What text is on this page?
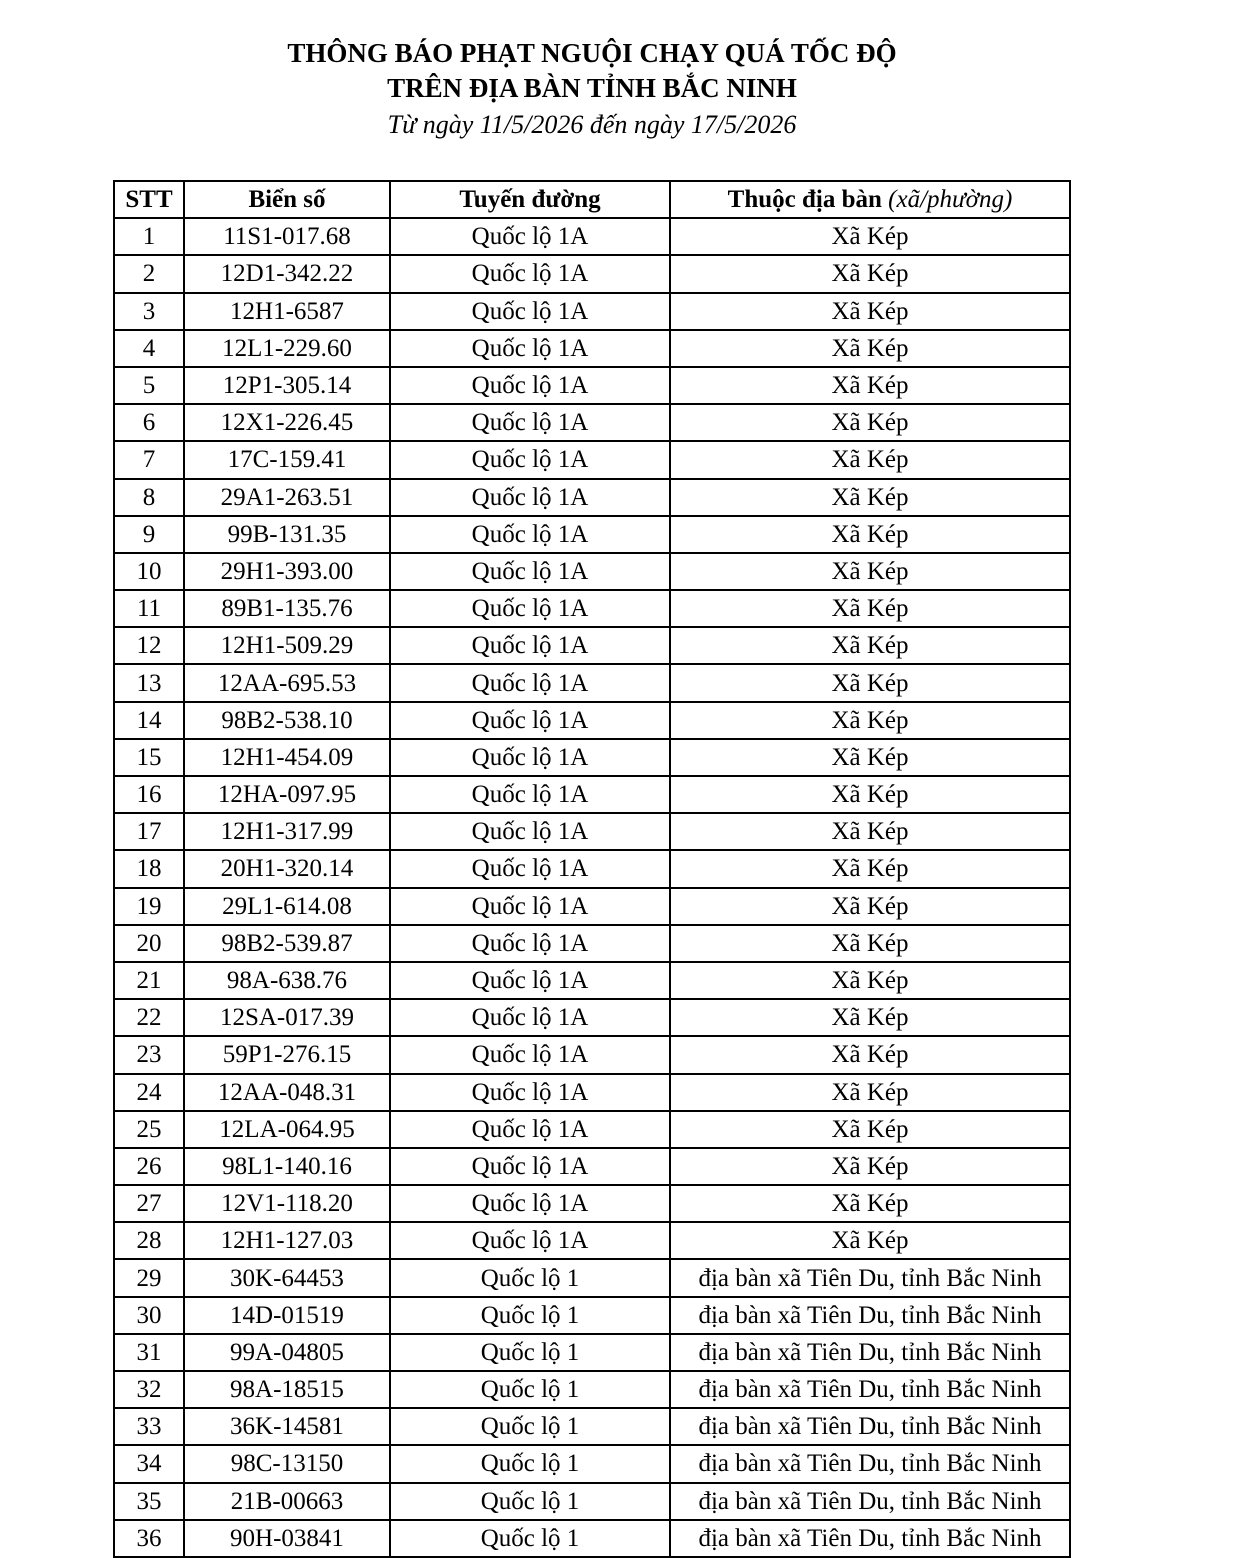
THÔNG BÁO PHẠT NGUỘI CHẠY QUÁ TỐC ĐỘ
TRÊN ĐỊA BÀN TỈNH BẮC NINH
Từ ngày 11/5/2026 đến ngày 17/5/2026
STT	Biển số	Tuyến đường	Thuộc địa bàn (xã/phường)
1	11S1-017.68	Quốc lộ 1A	Xã Kép
2	12D1-342.22	Quốc lộ 1A	Xã Kép
3	12H1-6587	Quốc lộ 1A	Xã Kép
4	12L1-229.60	Quốc lộ 1A	Xã Kép
5	12P1-305.14	Quốc lộ 1A	Xã Kép
6	12X1-226.45	Quốc lộ 1A	Xã Kép
7	17C-159.41	Quốc lộ 1A	Xã Kép
8	29A1-263.51	Quốc lộ 1A	Xã Kép
9	99B-131.35	Quốc lộ 1A	Xã Kép
10	29H1-393.00	Quốc lộ 1A	Xã Kép
11	89B1-135.76	Quốc lộ 1A	Xã Kép
12	12H1-509.29	Quốc lộ 1A	Xã Kép
13	12AA-695.53	Quốc lộ 1A	Xã Kép
14	98B2-538.10	Quốc lộ 1A	Xã Kép
15	12H1-454.09	Quốc lộ 1A	Xã Kép
16	12HA-097.95	Quốc lộ 1A	Xã Kép
17	12H1-317.99	Quốc lộ 1A	Xã Kép
18	20H1-320.14	Quốc lộ 1A	Xã Kép
19	29L1-614.08	Quốc lộ 1A	Xã Kép
20	98B2-539.87	Quốc lộ 1A	Xã Kép
21	98A-638.76	Quốc lộ 1A	Xã Kép
22	12SA-017.39	Quốc lộ 1A	Xã Kép
23	59P1-276.15	Quốc lộ 1A	Xã Kép
24	12AA-048.31	Quốc lộ 1A	Xã Kép
25	12LA-064.95	Quốc lộ 1A	Xã Kép
26	98L1-140.16	Quốc lộ 1A	Xã Kép
27	12V1-118.20	Quốc lộ 1A	Xã Kép
28	12H1-127.03	Quốc lộ 1A	Xã Kép
29	30K-64453	Quốc lộ 1	địa bàn xã Tiên Du, tỉnh Bắc Ninh
30	14D-01519	Quốc lộ 1	địa bàn xã Tiên Du, tỉnh Bắc Ninh
31	99A-04805	Quốc lộ 1	địa bàn xã Tiên Du, tỉnh Bắc Ninh
32	98A-18515	Quốc lộ 1	địa bàn xã Tiên Du, tỉnh Bắc Ninh
33	36K-14581	Quốc lộ 1	địa bàn xã Tiên Du, tỉnh Bắc Ninh
34	98C-13150	Quốc lộ 1	địa bàn xã Tiên Du, tỉnh Bắc Ninh
35	21B-00663	Quốc lộ 1	địa bàn xã Tiên Du, tỉnh Bắc Ninh
36	90H-03841	Quốc lộ 1	địa bàn xã Tiên Du, tỉnh Bắc Ninh
